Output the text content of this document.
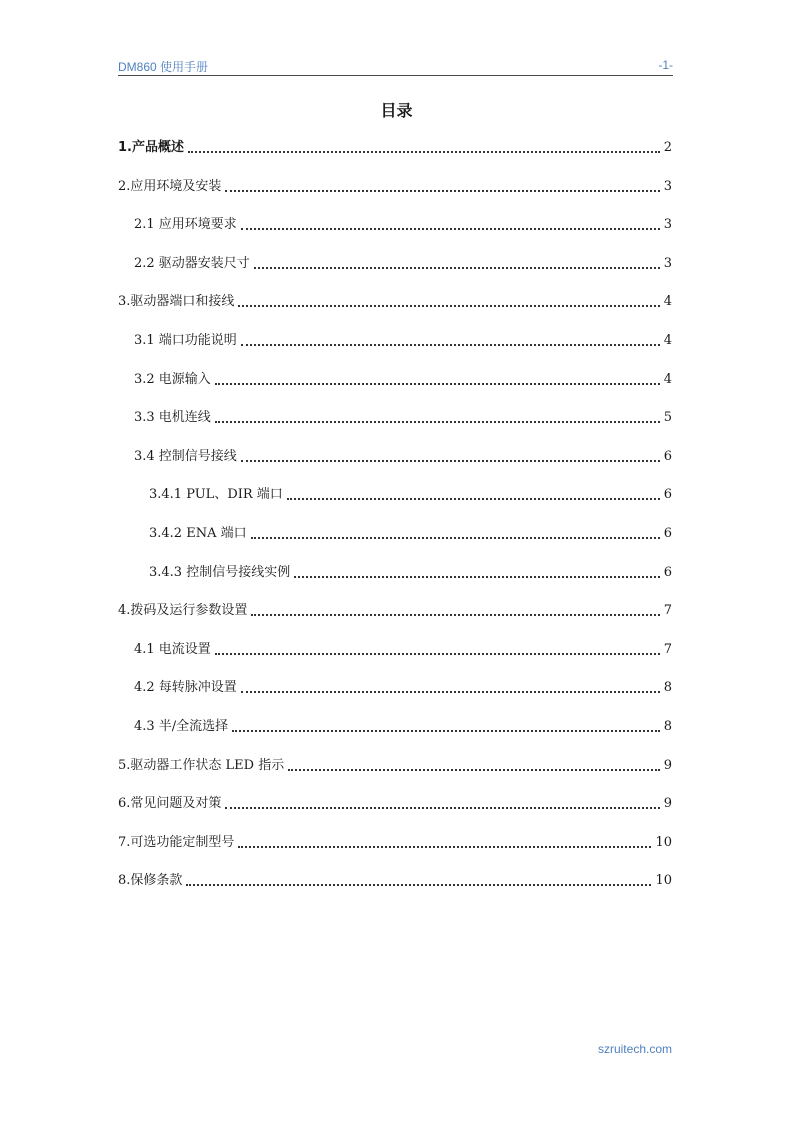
DM860 使用手册	-1-
目录
1.产品概述	2
2.应用环境及安装	3
2.1 应用环境要求	3
2.2 驱动器安装尺寸	3
3.驱动器端口和接线	4
3.1 端口功能说明	4
3.2 电源输入	4
3.3 电机连线	5
3.4 控制信号接线	6
3.4.1 PUL、DIR 端口	6
3.4.2 ENA 端口	6
3.4.3 控制信号接线实例	6
4.拨码及运行参数设置	7
4.1 电流设置	7
4.2 每转脉冲设置	8
4.3 半/全流选择	8
5.驱动器工作状态 LED 指示	9
6.常见问题及对策	9
7.可选功能定制型号	10
8.保修条款	10
szruitech.com
